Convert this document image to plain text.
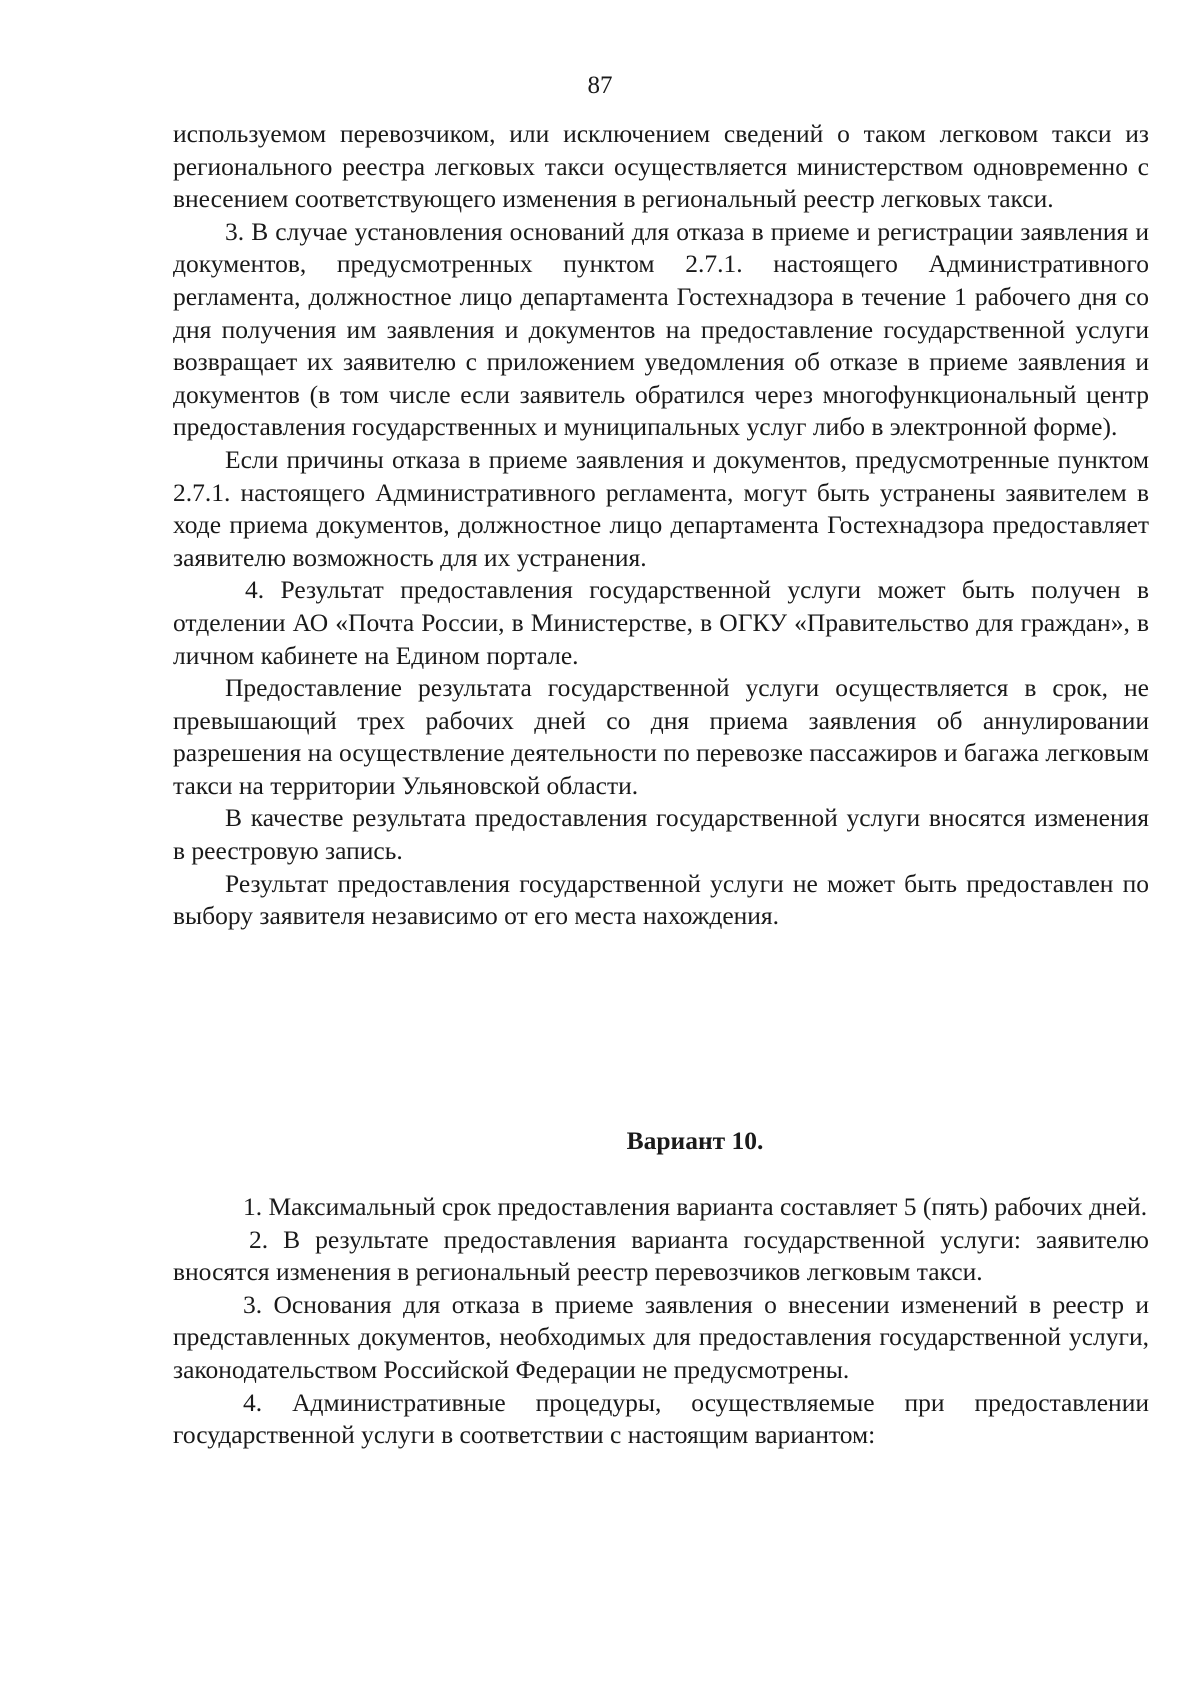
87

используемом перевозчиком, или исключением сведений о таком легковом такси из регионального реестра легковых такси осуществляется министерством одновременно с внесением соответствующего изменения в региональный реестр легковых такси.

3. В случае установления оснований для отказа в приеме и регистрации заявления и документов, предусмотренных пунктом 2.7.1. настоящего Административного регламента, должностное лицо департамента Гостехнадзора в течение 1 рабочего дня со дня получения им заявления и документов на предоставление государственной услуги возвращает их заявителю с приложением уведомления об отказе в приеме заявления и документов (в том числе если заявитель обратился через многофункциональный центр предоставления государственных и муниципальных услуг либо в электронной форме).

Если причины отказа в приеме заявления и документов, предусмотренные пунктом 2.7.1. настоящего Административного регламента, могут быть устранены заявителем в ходе приема документов, должностное лицо департамента Гостехнадзора предоставляет заявителю возможность для их устранения.

4. Результат предоставления государственной услуги может быть получен в отделении АО «Почта России, в Министерстве, в ОГКУ «Правительство для граждан», в личном кабинете на Едином портале.

Предоставление результата государственной услуги осуществляется в срок, не превышающий трех рабочих дней со дня приема заявления об аннулировании разрешения на осуществление деятельности по перевозке пассажиров и багажа легковым такси на территории Ульяновской области.

В качестве результата предоставления государственной услуги вносятся изменения в реестровую запись.

Результат предоставления государственной услуги не может быть предоставлен по выбору заявителя независимо от его места нахождения.

Вариант 10.

1. Максимальный срок предоставления варианта составляет 5 (пять) рабочих дней.

2. В результате предоставления варианта государственной услуги: заявителю вносятся изменения в региональный реестр перевозчиков легковым такси.

3. Основания для отказа в приеме заявления о внесении изменений в реестр и представленных документов, необходимых для предоставления государственной услуги, законодательством Российской Федерации не предусмотрены.

4. Административные процедуры, осуществляемые при предоставлении государственной услуги в соответствии с настоящим вариантом:
